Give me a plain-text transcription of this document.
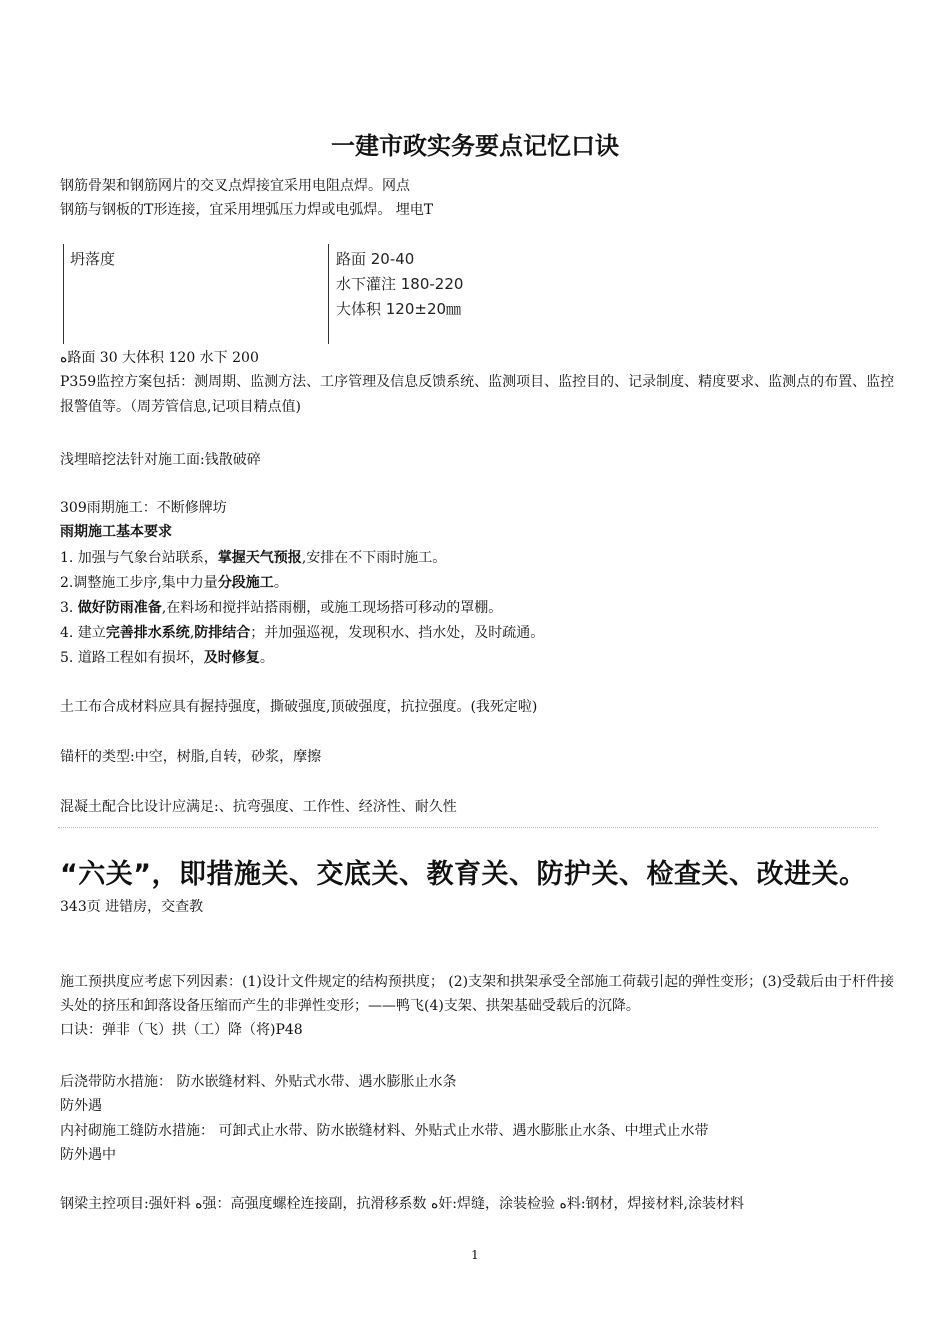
一建市政实务要点记忆口诀
钢筋骨架和钢筋网片的交叉点焊接宜采用电阻点焊。网点
钢筋与钢板的T形连接，宜采用埋弧压力焊或电弧焊。 埋电T
坍落度	路面 20-40
水下灌注 180-220
大体积 120±20㎜
ﻩ路面 30 大体积 120 水下 200
P359监控方案包括：测周期、监测方法、工序管理及信息反馈系统、监测项目、监控目的、记录制度、精度要求、监测点的布置、监控报警值等。（周芳管信息,记项目精点值)
浅埋暗挖法针对施工面:钱散破碎
309雨期施工：不断修牌坊
雨期施工基本要求
1. 加强与气象台站联系，掌握天气预报,安排在不下雨时施工。
2.调整施工步序,集中力量分段施工。
3. 做好防雨准备,在料场和搅拌站搭雨棚，或施工现场搭可移动的罩棚。
4. 建立完善排水系统,防排结合；并加强巡视，发现积水、挡水处，及时疏通。
5. 道路工程如有损坏，及时修复。
土工布合成材料应具有握持强度，撕破强度,顶破强度，抗拉强度。(我死定啦)
锚杆的类型:中空，树脂,自转，砂浆，摩擦
混凝土配合比设计应满足:、抗弯强度、工作性、经济性、耐久性
“六关”，即措施关、交底关、教育关、防护关、检查关、改进关。
343页 进错房，交查教
施工预拱度应考虑下列因素：(1)设计文件规定的结构预拱度； (2)支架和拱架承受全部施工荷载引起的弹性变形；(3)受载后由于杆件接头处的挤压和卸落设备压缩而产生的非弹性变形；——鸭飞(4)支架、拱架基础受载后的沉降。
口诀：弹非（飞）拱（工）降（将)P48
后浇带防水措施： 防水嵌缝材料、外贴式水带、遇水膨胀止水条
防外遇
内衬砌施工缝防水措施： 可卸式止水带、防水嵌缝材料、外贴式止水带、遇水膨胀止水条、中埋式止水带
防外遇中
钢梁主控项目:强奸料 ﻩ强：高强度螺栓连接副，抗滑移系数 ﻩ奸:焊缝，涂装检验 ﻩ料:钢材，焊接材料,涂装材料
1
